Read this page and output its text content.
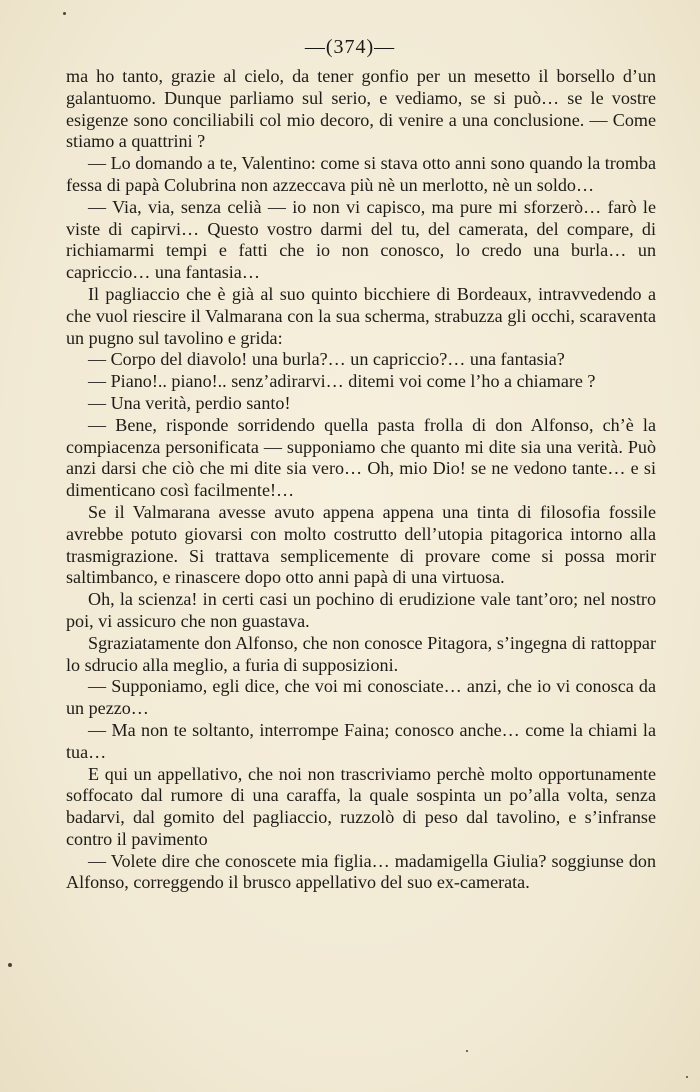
—(374)—

ma ho tanto, grazie al cielo, da tener gonfio per un mesetto il borsello d’un galantuomo. Dunque parliamo sul serio, e vediamo, se si può… se le vostre esigenze sono conciliabili col mio decoro, di venire a una conclusione. — Come stiamo a quattrini ?

— Lo domando a te, Valentino: come si stava otto anni sono quando la tromba fessa di papà Colubrina non azzeccava più nè un merlotto, nè un soldo…

— Via, via, senza celià — io non vi capisco, ma pure mi sforzerò… farò le viste di capirvi… Questo vostro darmi del tu, del camerata, del compare, di richiamarmi tempi e fatti che io non conosco, lo credo una burla… un capriccio… una fantasia…

Il pagliaccio che è già al suo quinto bicchiere di Bordeaux, intravvedendo a che vuol riescire il Valmarana con la sua scherma, strabuzza gli occhi, scaraventa un pugno sul tavolino e grida:

— Corpo del diavolo! una burla?… un capriccio?… una fantasia?

— Piano!.. piano!.. senz’adirarvi… ditemi voi come l’ho a chiamare ?

— Una verità, perdio santo!

— Bene, risponde sorridendo quella pasta frolla di don Alfonso, ch’è la compiacenza personificata — supponiamo che quanto mi dite sia una verità. Può anzi darsi che ciò che mi dite sia vero… Oh, mio Dio! se ne vedono tante… e si dimenticano così facilmente!…

Se il Valmarana avesse avuto appena appena una tinta di filosofia fossile avrebbe potuto giovarsi con molto costrutto dell’utopia pitagorica intorno alla trasmigrazione. Si trattava semplicemente di provare come si possa morir saltimbanco, e rinascere dopo otto anni papà di una virtuosa.

Oh, la scienza! in certi casi un pochino di erudizione vale tant’oro; nel nostro poi, vi assicuro che non guastava.

Sgraziatamente don Alfonso, che non conosce Pitagora, s’ingegna di rattoppar lo sdrucio alla meglio, a furia di supposizioni.

— Supponiamo, egli dice, che voi mi conosciate… anzi, che io vi conosca da un pezzo…

— Ma non te soltanto, interrompe Faina; conosco anche… come la chiami la tua…

E qui un appellativo, che noi non trascriviamo perchè molto opportunamente soffocato dal rumore di una caraffa, la quale sospinta un po’alla volta, senza badarvi, dal gomito del pagliaccio, ruzzolò di peso dal tavolino, e s’infranse contro il pavimento

— Volete dire che conoscete mia figlia… madamigella Giulia? soggiunse don Alfonso, correggendo il brusco appellativo del suo ex-camerata.
